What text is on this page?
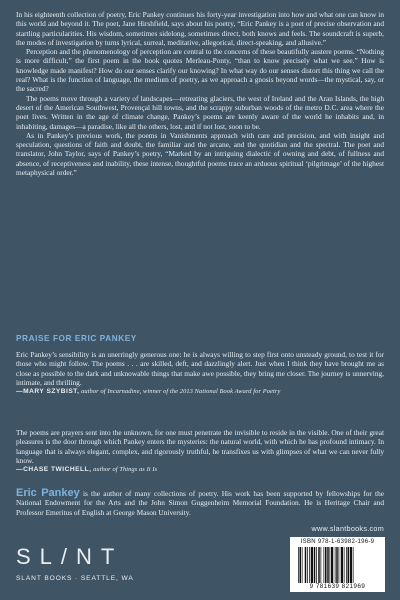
In his eighteenth collection of poetry, Eric Pankey continues his forty-year investigation into how and what one can know in this world and beyond it. The poet, Jane Hirshfield, says about his poetry, “Eric Pankey is a poet of precise observation and startling particularities. His wisdom, sometimes sidelong, sometimes direct, both knows and feels. The soundcraft is superb, the modes of investigation by turns lyrical, surreal, meditative, allegorical, direct-speaking, and allusive.”

Perception and the phenomenology of perception are central to the concerns of these beautifully austere poems. “Nothing is more difficult,” the first poem in the book quotes Merleau-Ponty, “than to know precisely what we see.” How is knowledge made manifest? How do our senses clarify our knowing? In what way do our senses distort this thing we call the real? What is the function of language, the medium of poetry, as we approach a gnosis beyond words—the mystical, say, or the sacred?

The poems move through a variety of landscapes—retreating glaciers, the west of Ireland and the Aran Islands, the high desert of the American Southwest, Provençal hill towns, and the scrappy suburban woods of the metro D.C. area where the poet lives. Written in the age of climate change, Pankey’s poems are keenly aware of the world he inhabits and, in inhabiting, damages—a paradise, like all the others, lost, and if not lost, soon to be.

As in Pankey’s previous work, the poems in Vanishments approach with care and precision, and with insight and speculation, questions of faith and doubt, the familiar and the arcane, and the quotidian and the spectral. The poet and translator, John Taylor, says of Pankey’s poetry, “Marked by an intriguing dialectic of owning and debt, of fullness and absence, of receptiveness and inability, these intense, thoughtful poems trace an arduous spiritual ‘pilgrimage’ of the highest metaphysical order.”

PRAISE FOR ERIC PANKEY

Eric Pankey’s sensibility is an unerringly generous one: he is always willing to step first onto unsteady ground, to test it for those who might follow. The poems . . . are skilled, deft, and dazzlingly alert. Just when I think they have brought me as close as possible to the dark and unknowable things that make awe possible, they bring me closer. The journey is unnerving, intimate, and thrilling.

—MARY SZYBIST, author of Incarnadine, winner of the 2013 National Book Award for Poetry

The poems are prayers sent into the unknown, for one must penetrate the invisible to reside in the visible. One of their great pleasures is the door through which Pankey enters the mysteries: the natural world, with which he has profound intimacy. In language that is always elegant, complex, and rigorously truthful, he transfixes us with glimpses of what we can never fully know.

—CHASE TWICHELL, author of Things as It Is

Eric Pankey is the author of many collections of poetry. His work has been supported by fellowships for the National Endowment for the Arts and the John Simon Guggenheim Memorial Foundation. He is Heritage Chair and Professor Emeritus of English at George Mason University.
www.slantbooks.com
SL/NT
SLANT BOOKS · SEATTLE, WA
ISBN 978-1-63982-196-9
9 781639 821969
